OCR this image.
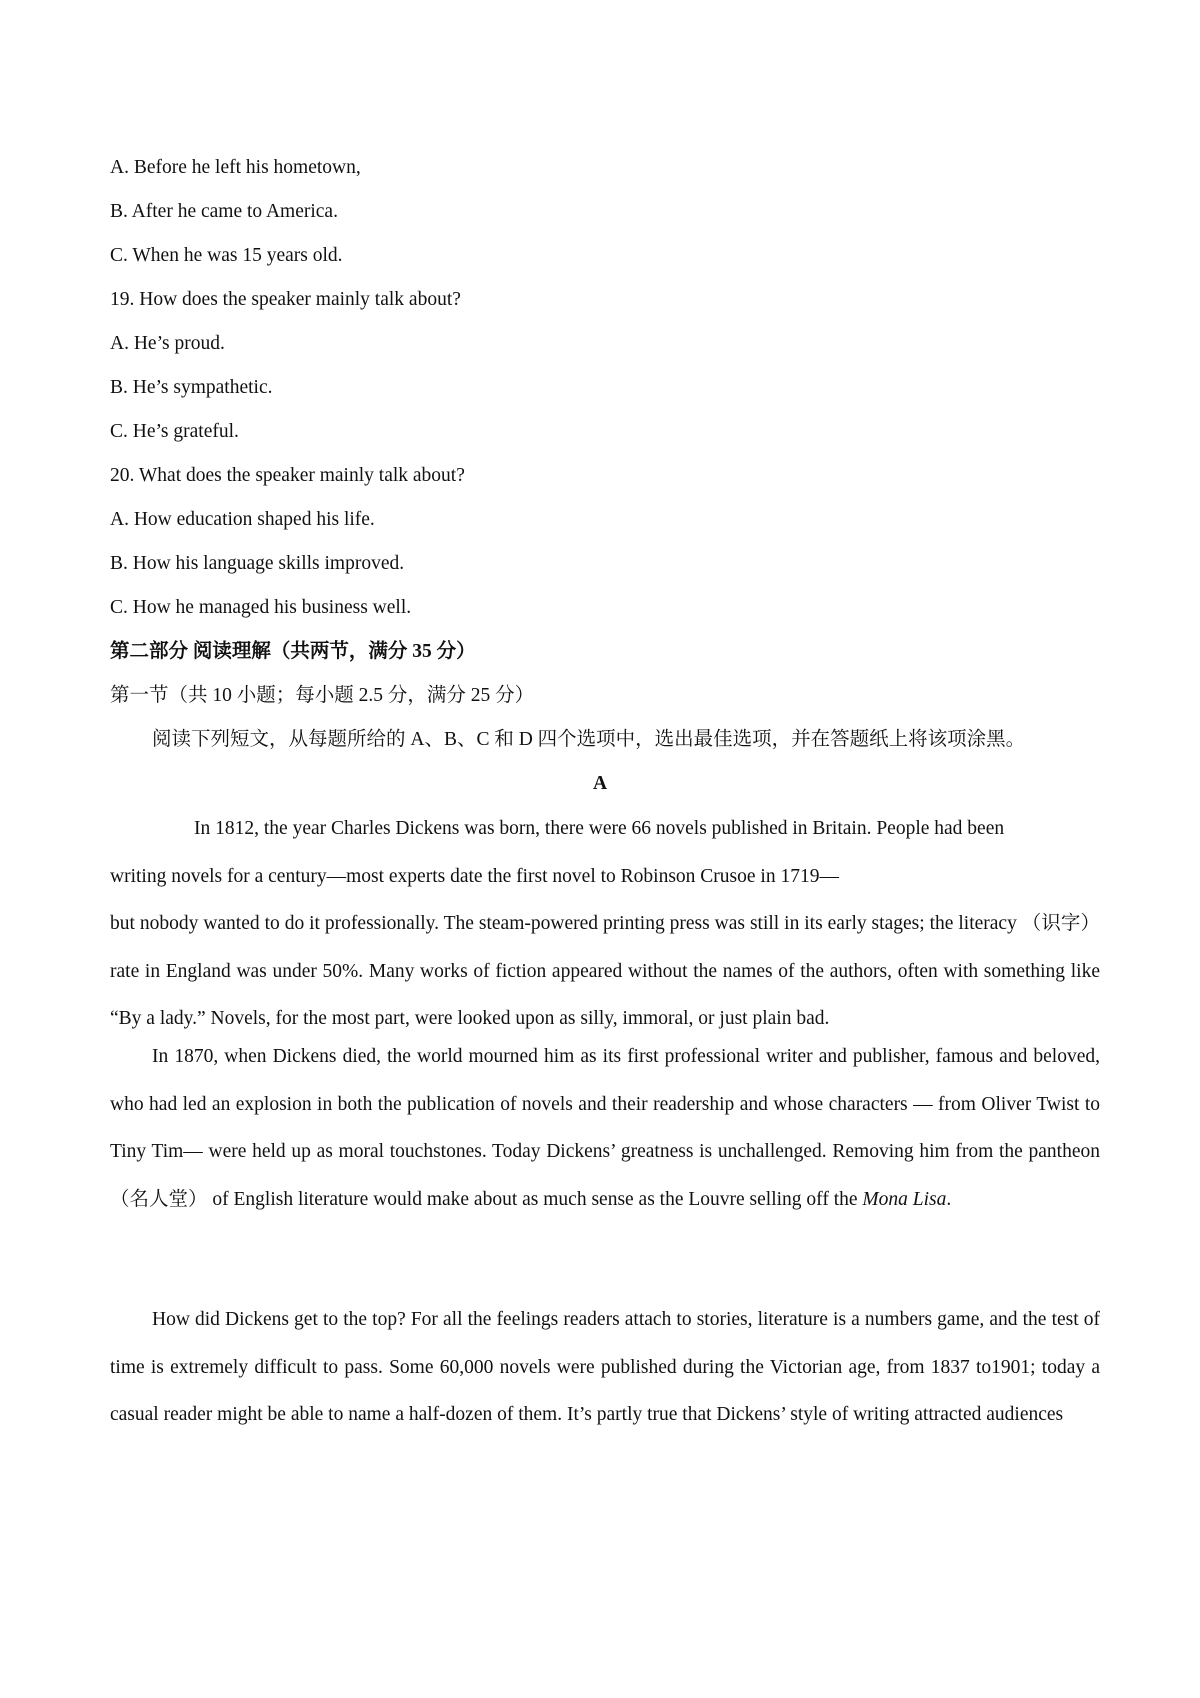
A. Before he left his hometown,
B. After he came to America.
C. When he was 15 years old.
19. How does the speaker mainly talk about?
A. He’s proud.
B. He’s sympathetic.
C. He’s grateful.
20. What does the speaker mainly talk about?
A. How education shaped his life.
B. How his language skills improved.
C. How he managed his business well.
第二部分 阅读理解（共两节，满分 35 分）
第一节（共 10 小题；每小题 2.5 分，满分 25 分）
阅读下列短文，从每题所给的 A、B、C 和 D 四个选项中，选出最佳选项，并在答题纸上将该项涂黑。
A

In 1812, the year Charles Dickens was born, there were 66 novels published in Britain. People had been
writing novels for a century—most experts date the first novel to Robinson Crusoe in 1719—
but nobody wanted to do it professionally. The steam-powered printing press was still in its early stages; the literacy （识字） rate in England was under 50%. Many works of fiction appeared without the names of the authors, often with something like “By a lady.” Novels, for the most part, were looked upon as silly, immoral, or just plain bad.

In 1870, when Dickens died, the world mourned him as its first professional writer and publisher, famous and beloved, who had led an explosion in both the publication of novels and their readership and whose characters — from Oliver Twist to Tiny Tim— were held up as moral touchstones. Today Dickens’ greatness is unchallenged. Removing him from the pantheon（名人堂） of English literature would make about as much sense as the Louvre selling off the Mona Lisa.

How did Dickens get to the top? For all the feelings readers attach to stories, literature is a numbers game, and the test of time is extremely difficult to pass. Some 60,000 novels were published during the Victorian age, from 1837 to1901; today a casual reader might be able to name a half-dozen of them. It’s partly true that Dickens’ style of writing attracted audiences
